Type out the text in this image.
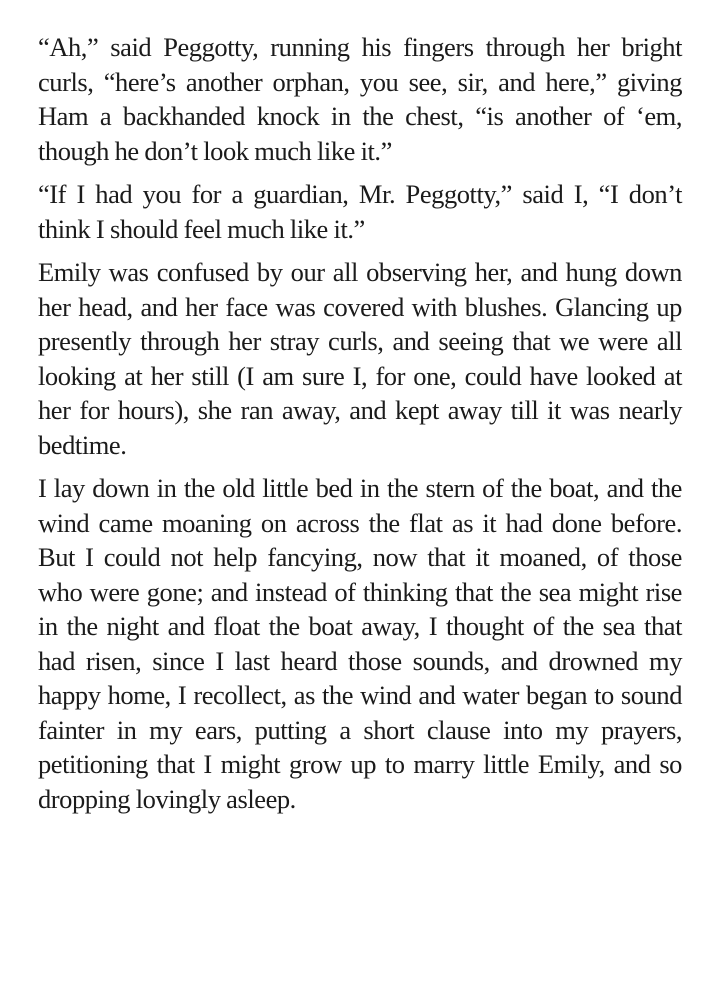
“Ah,” said Peggotty, running his fingers through her bright curls, “here’s another orphan, you see, sir, and here,” giving Ham a backhanded knock in the chest, “is another of ‘em, though he don’t look much like it.”

“If I had you for a guardian, Mr. Peggotty,” said I, “I don’t think I should feel much like it.”

Emily was confused by our all observing her, and hung down her head, and her face was covered with blushes. Glancing up presently through her stray curls, and seeing that we were all looking at her still (I am sure I, for one, could have looked at her for hours), she ran away, and kept away till it was nearly bedtime.

I lay down in the old little bed in the stern of the boat, and the wind came moaning on across the flat as it had done before. But I could not help fancying, now that it moaned, of those who were gone; and instead of thinking that the sea might rise in the night and float the boat away, I thought of the sea that had risen, since I last heard those sounds, and drowned my happy home, I recollect, as the wind and water began to sound fainter in my ears, putting a short clause into my prayers, petitioning that I might grow up to marry little Emily, and so dropping lovingly asleep.
